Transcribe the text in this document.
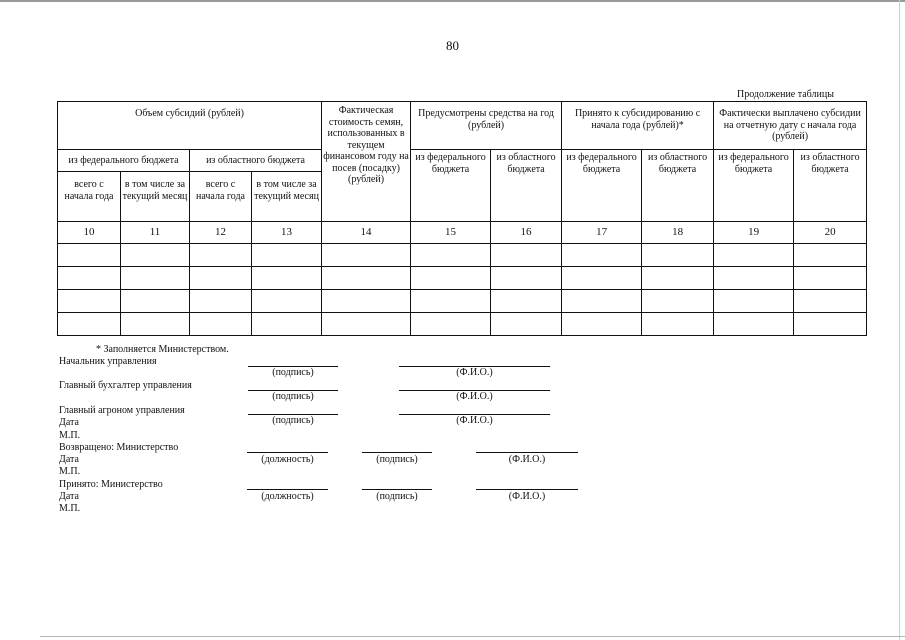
80
Продолжение таблицы
Объем субсидий (рублей)				Фактическая стоимость семян, использованных в текущем финансовом году на посев (посадку) (рублей)	Предусмотрены средства на год (рублей)		Принято к субсидированию с начала года (рублей)*		Фактически выплачено субсидии на отчетную дату с начала года (рублей)	
из федерального бюджета		из областного бюджета			из федерального бюджета	из областного бюджета	из федерального бюджета	из областного бюджета	из федерального бюджета	из областного бюджета
всего с начала года	в том числе за текущий месяц	всего с начала года	в том числе за текущий месяц							
10	11	12	13	14	15	16	17	18	19	20

* Заполняется Министерством.
Начальник управления
(подпись)	(Ф.И.О.)
Главный бухгалтер управления
(подпись)	(Ф.И.О.)
Главный агроном управления
(подпись)	(Ф.И.О.)
Дата
М.П.
Возвращено: Министерство
Дата	(должность)	(подпись)	(Ф.И.О.)
М.П.
Принято: Министерство
Дата	(должность)	(подпись)	(Ф.И.О.)
М.П.
